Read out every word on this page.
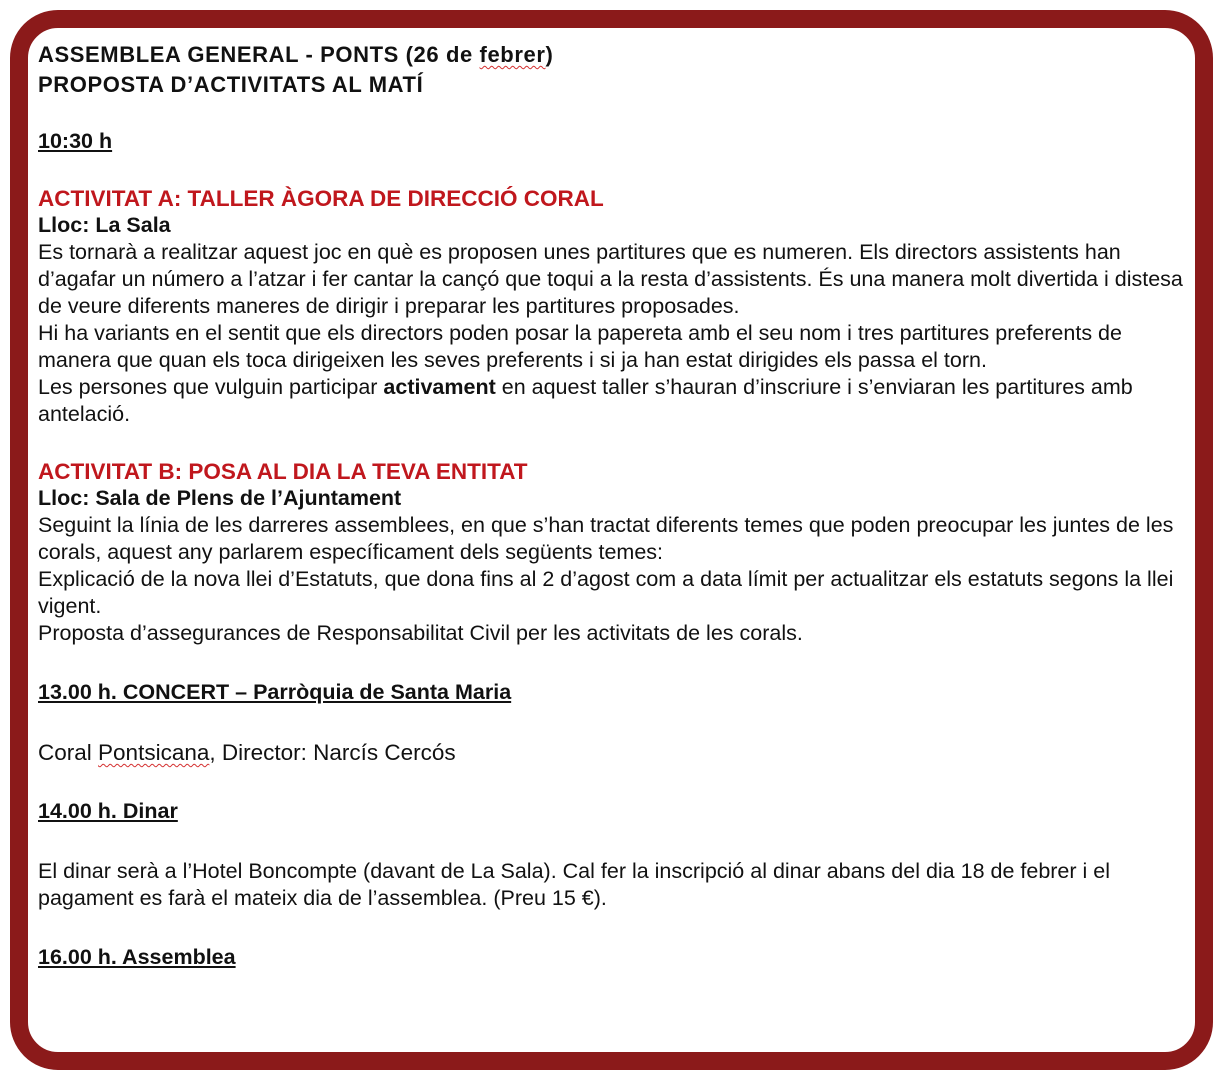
ASSEMBLEA GENERAL - PONTS (26 de febrer)
PROPOSTA D’ACTIVITATS AL MATÍ
10:30 h
ACTIVITAT A: TALLER ÀGORA DE DIRECCIÓ CORAL
Lloc: La Sala

Es tornarà a realitzar aquest joc en què es proposen unes partitures que es numeren. Els directors assistents han d’agafar un número a l’atzar i fer cantar la cançó que toqui a la resta d’assistents. És una manera molt divertida i distesa de veure diferents maneres de dirigir i preparar les partitures proposades.

Hi ha variants en el sentit que els directors poden posar la papereta amb el seu nom i tres partitures preferents de manera que quan els toca dirigeixen les seves preferents i si ja han estat dirigides els passa el torn.

Les persones que vulguin participar activament en aquest taller s’hauran d’inscriure i s’enviaran les partitures amb antelació.

ACTIVITAT B: POSA AL DIA LA TEVA ENTITAT
Lloc: Sala de Plens de l’Ajuntament

Seguint la línia de les darreres assemblees, en que s’han tractat diferents temes que poden preocupar les juntes de les corals, aquest any parlarem específicament dels següents temes:

Explicació de la nova llei d’Estatuts, que dona fins al 2 d’agost com a data límit per actualitzar els estatuts segons la llei vigent.

Proposta d’assegurances de Responsabilitat Civil per les activitats de les corals.

13.00 h. CONCERT – Parròquia de Santa Maria
Coral Pontsicana, Director: Narcís Cercós
14.00 h. Dinar

El dinar serà a l’Hotel Boncompte (davant de La Sala). Cal fer la inscripció al dinar abans del dia 18 de febrer i el pagament es farà el mateix dia de l’assemblea. (Preu 15 €).

16.00 h. Assemblea
